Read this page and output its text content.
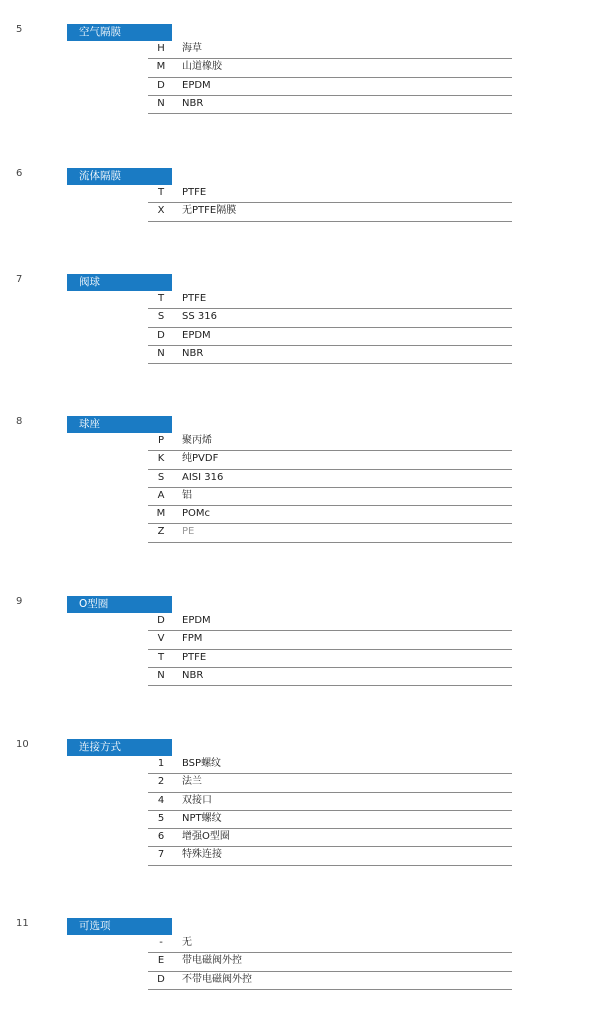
5	空气隔膜
H	海草
M	山道橡胶
D	EPDM
N	NBR
6	流体隔膜
T	PTFE
X	无PTFE隔膜
7	阀球
T	PTFE
S	SS 316
D	EPDM
N	NBR
8	球座
P	聚丙烯
K	纯PVDF
S	AISI 316
A	铝
M	POMc
Z	PE
9	O型圈
D	EPDM
V	FPM
T	PTFE
N	NBR
10	连接方式
1	BSP螺纹
2	法兰
4	双接口
5	NPT螺纹
6	增强O型圈
7	特殊连接
11	可选项
-	无
E	带电磁阀外控
D	不带电磁阀外控
